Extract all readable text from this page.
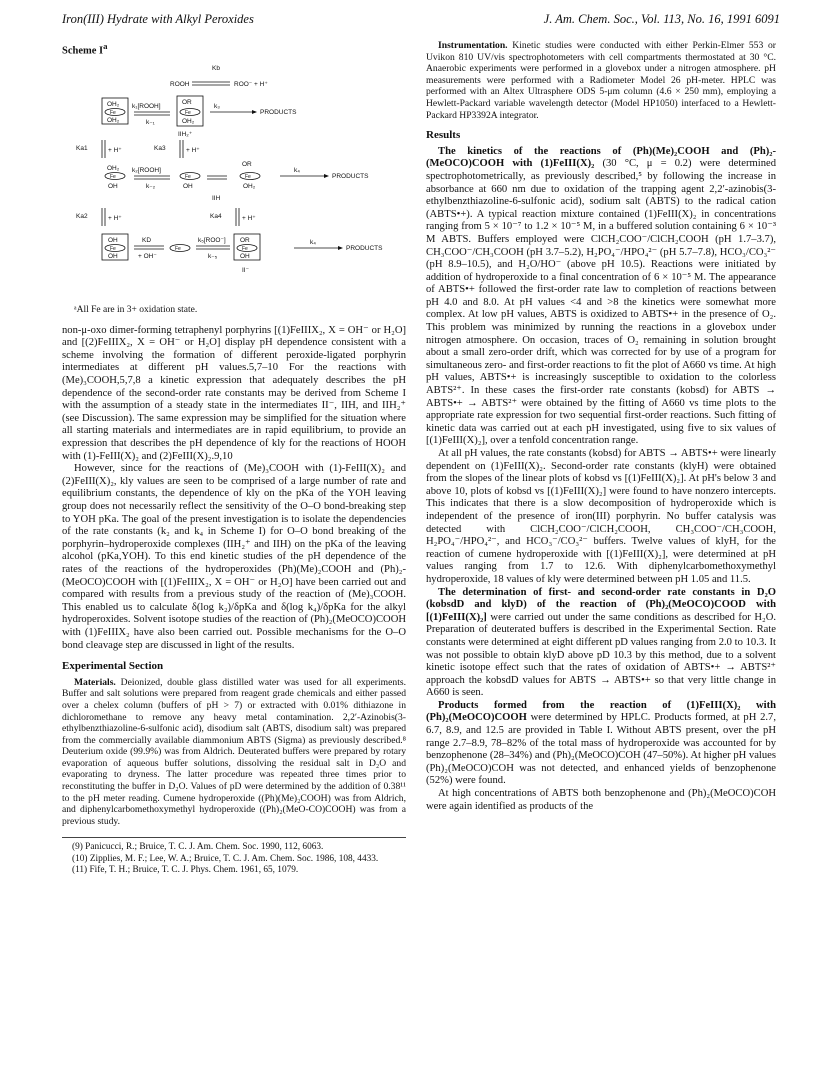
Iron(III) Hydrate with Alkyl Peroxides	J. Am. Chem. Soc., Vol. 113, No. 16, 1991 6091
Scheme $I^a$
Kb
ROOH	ROO⁻ + H⁺
OH₂
Fe
OH₂
k₁[ROOH]
k₋₁
OR
Fe
OH₂
k₃
PRODUCTS
IIH₂⁺
Ka1	+ H⁺	Ka3	+ H⁺
OH₂
Fe
OH
k₂[ROOH]
k₋₂
Fe
OH
OR
Fe
OH₂
k₄
PRODUCTS
IIH
Ka2	+ H⁺	Ka4	+ H⁺
OH
Fe
OH
KD
+ OH⁻
Fe
k₅[ROO⁻]
k₋₅
OR
Fe
OH
k₄
PRODUCTS
II⁻
ᵃAll Fe are in 3+ oxidation state.

non-μ-oxo dimer-forming tetraphenyl porphyrins [(1)FeIIIX₂, X = OH⁻ or H₂O] and [(2)FeIIIX₂, X = OH⁻ or H₂O] display pH dependence consistent with a scheme involving the formation of different peroxide-ligated porphyrin intermediates at different pH values.5,7–10 For the reactions with (Me)₃COOH,5,7,8 a kinetic expression that adequately describes the pH dependence of the second-order rate constants may be derived from Scheme I with the assumption of a steady state in the intermediates II⁻, IIH, and IIH₂⁺ (see Discussion). The same expression may be simplified for the situation where all starting materials and intermediates are in rapid equilibrium, to provide an expression that describes the pH dependence of kly for the reactions of HOOH with (1)-FeIII(X)₂ and (2)FeIII(X)₂.9,10

However, since for the reactions of (Me)₃COOH with (1)-FeIII(X)₂ and (2)FeIII(X)₂, kly values are seen to be comprised of a large number of rate and equilibrium constants, the dependence of kly on the pKa of the YOH leaving group does not necessarily reflect the sensitivity of the O–O bond-breaking step to YOH pKa. The goal of the present investigation is to isolate the dependencies of the rate constants (k₂ and k₄ in Scheme I) for O–O bond breaking of the porphyrin–hydroperoxide complexes (IIH₂⁺ and IIH) on the pKa of the leaving alcohol (pKa,YOH). To this end kinetic studies of the pH dependence of the rates of the reactions of the hydroperoxides (Ph)(Me)₂COOH and (Ph)₂-(MeOCO)COOH with [(1)FeIIIX₂, X = OH⁻ or H₂O] have been carried out and compared with results from a previous study of the reaction of (Me)₃COOH. This enabled us to calculate δ(log k₂)/δpKa and δ(log k₄)/δpKa for the alkyl hydroperoxides. Solvent isotope studies of the reaction of (Ph)₂(MeOCO)COOH with (1)FeIIIX₂ have also been carried out. Possible mechanisms for the O–O bond cleavage step are discussed in light of the results.

Experimental Section

Materials. Deionized, double glass distilled water was used for all experiments. Buffer and salt solutions were prepared from reagent grade chemicals and either passed over a chelex column (buffers of pH > 7) or extracted with 0.01% dithiazone in dichloromethane to remove any heavy metal contamination. 2,2′-Azinobis(3-ethylbenzthiazoline-6-sulfonic acid), disodium salt (ABTS, disodium salt) was prepared from the commercially available diammonium ABTS (Sigma) as previously described.⁸ Deuterium oxide (99.9%) was from Aldrich. Deuterated buffers were prepared by rotary evaporation of aqueous buffer solutions, dissolving the residual salt in D₂O and evaporating to dryness. The latter procedure was repeated three times prior to reconstituting the buffer in D₂O. Values of pD were determined by the addition of 0.38¹¹ to the pH meter reading. Cumene hydroperoxide ((Ph)(Me)₂COOH) was from Aldrich, and diphenylcarbomethoxymethyl hydroperoxide ((Ph)₂(MeO-CO)COOH) was from a previous study.

(9) Panicucci, R.; Bruice, T. C. J. Am. Chem. Soc. 1990, 112, 6063.
(10) Zipplies, M. F.; Lee, W. A.; Bruice, T. C. J. Am. Chem. Soc. 1986, 108, 4433.
(11) Fife, T. H.; Bruice, T. C. J. Phys. Chem. 1961, 65, 1079.

Instrumentation. Kinetic studies were conducted with either Perkin-Elmer 553 or Uvikon 810 UV/vis spectrophotometers with cell compartments thermostated at 30 °C. Anaerobic experiments were performed in a glovebox under a nitrogen atmosphere. pH measurements were performed with a Radiometer Model 26 pH-meter. HPLC was performed with an Altex Ultrasphere ODS 5-μm column (4.6 × 250 mm), employing a Hewlett-Packard variable wavelength detector (Model HP1050) interfaced to a Hewlett-Packard HP3392A integrator.

Results

The kinetics of the reactions of (Ph)(Me)₂COOH and (Ph)₂-(MeOCO)COOH with (1)FeIII(X)₂ (30 °C, μ = 0.2) were determined spectrophotometrically, as previously described,⁵ by following the increase in absorbance at 660 nm due to oxidation of the trapping agent 2,2′-azinobis(3-ethylbenzthiazoline-6-sulfonic acid), sodium salt (ABTS) to the radical cation (ABTS•+). A typical reaction mixture contained (1)FeIII(X)₂ in concentrations ranging from 5 × 10⁻⁷ to 1.2 × 10⁻⁵ M, in a buffered solution containing 6 × 10⁻³ M ABTS. Buffers employed were ClCH₂COO⁻/ClCH₂COOH (pH 1.7–3.7), CH₃COO⁻/CH₃COOH (pH 3.7–5.2), H₂PO₄⁻/HPO₄²⁻ (pH 5.7–7.8), HCO₃/CO₃²⁻ (pH 8.9–10.5), and H₂O/HO⁻ (above pH 10.5). Reactions were initiated by addition of hydroperoxide to a final concentration of 6 × 10⁻⁵ M. The appearance of ABTS•+ followed the first-order rate law to completion of reactions between pH 4.0 and 8.0. At pH values <4 and >8 the kinetics were somewhat more complex. At low pH values, ABTS is oxidized to ABTS•+ in the presence of O₂. This problem was minimized by running the reactions in a glovebox under nitrogen atmosphere. On occasion, traces of O₂ remaining in solution brought about a small zero-order drift, which was corrected for by use of a program for simultaneous zero- and first-order reactions to fit the plot of A660 vs time. At high pH values, ABTS•+ is increasingly susceptible to oxidation to the colorless ABTS²⁺. In these cases the first-order rate constants (kobsd) for ABTS → ABTS•+ → ABTS²⁺ were obtained by the fitting of A660 vs time plots to the appropriate rate expression for two sequential first-order reactions. Such fitting of kinetic data was carried out at each pH investigated, using five to six values of [(1)FeIII(X)₂], over a tenfold concentration range.

At all pH values, the rate constants (kobsd) for ABTS → ABTS•+ were linearly dependent on (1)FeIII(X)₂. Second-order rate constants (klyH) were obtained from the slopes of the linear plots of kobsd vs [(1)FeIII(X)₂]. At pH's below 3 and above 10, plots of kobsd vs [(1)FeIII(X)₂] were found to have nonzero intercepts. This indicates that there is a slow decomposition of hydroperoxide which is independent of the presence of iron(III) porphyrin. No buffer catalysis was detected with ClCH₂COO⁻/ClCH₂COOH, CH₃COO⁻/CH₃COOH, H₂PO₄⁻/HPO₄²⁻, and HCO₃⁻/CO₃²⁻ buffers. Twelve values of klyH, for the reaction of cumene hydroperoxide with [(1)FeIII(X)₂], were determined at pH values ranging from 1.7 to 12.6. With diphenylcarbomethoxymethyl hydroperoxide, 18 values of kly were determined between pH 1.05 and 11.5.

The determination of first- and second-order rate constants in D₂O (kobsdD and klyD) of the reaction of (Ph)₂(MeOCO)COOD with [(1)FeIII(X)₂] were carried out under the same conditions as described for H₂O. Preparation of deuterated buffers is described in the Experimental Section. Rate constants were determined at eight different pD values ranging from 2.0 to 10.3. It was not possible to obtain klyD above pD 10.3 by this method, due to a solvent kinetic isotope effect such that the rates of oxidation of ABTS•+ → ABTS²⁺ approach the kobsdD values for ABTS → ABTS•+ so that very little change in A660 is seen.

Products formed from the reaction of (1)FeIII(X)₂ with (Ph)₂(MeOCO)COOH were determined by HPLC. Products formed, at pH 2.7, 6.7, 8.9, and 12.5 are provided in Table I. Without ABTS present, over the pH range 2.7–8.9, 78–82% of the total mass of hydroperoxide was accounted for by benzophenone (28–34%) and (Ph)₂(MeOCO)COH (47–50%). At higher pH values (Ph)₂(MeOCO)COH was not detected, and enhanced yields of benzophenone (52%) were found.

At high concentrations of ABTS both benzophenone and (Ph)₂(MeOCO)COH were again identified as products of the
